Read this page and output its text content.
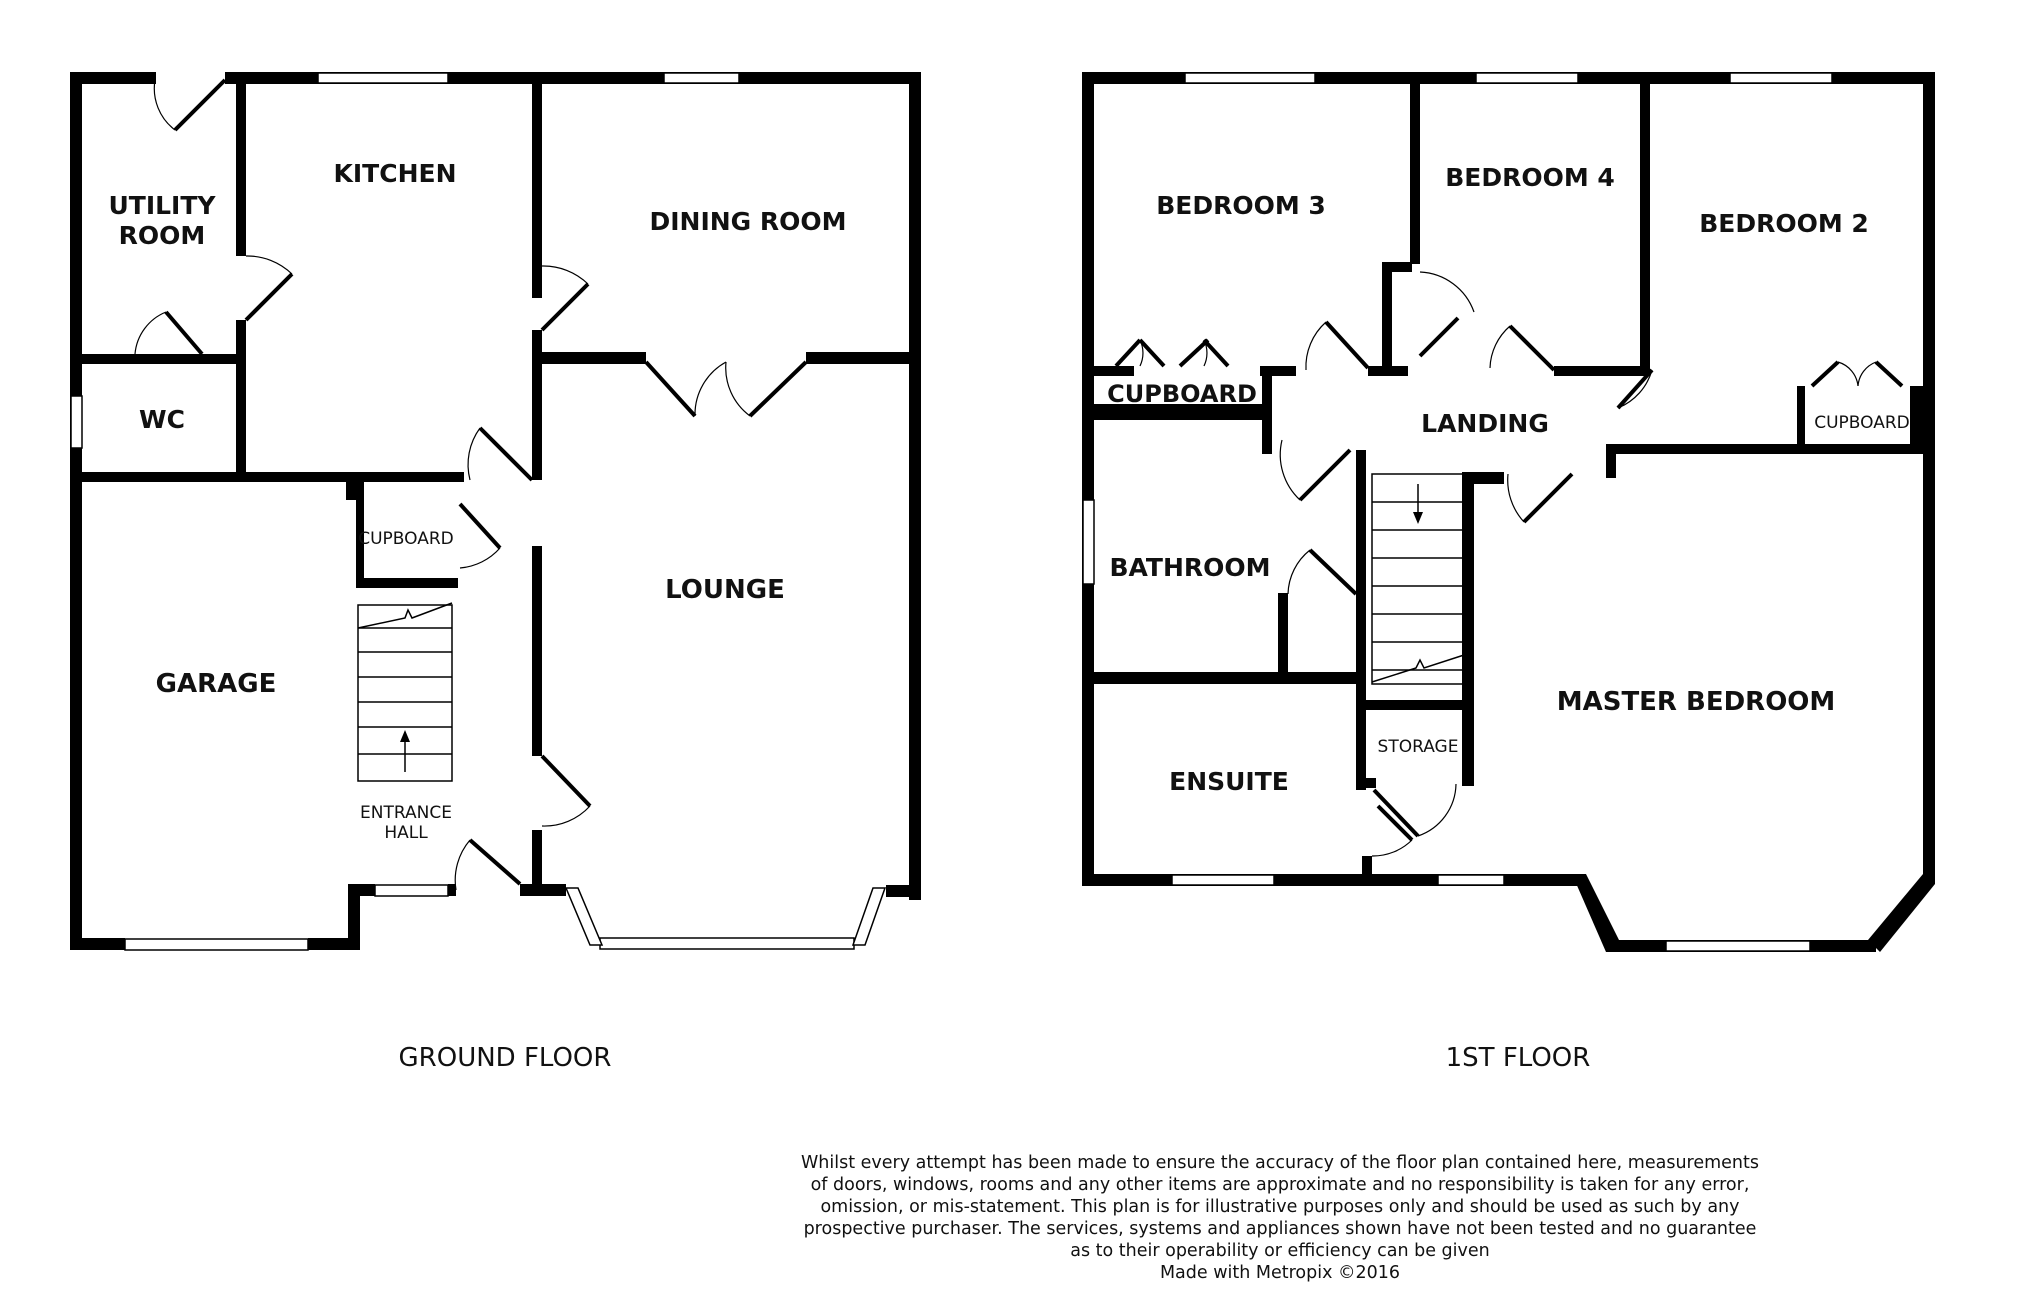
UTILITY
ROOM
KITCHEN
DINING ROOM
WC
CUPBOARD
LOUNGE
GARAGE
ENTRANCE
HALL
BEDROOM 3
BEDROOM 4
BEDROOM 2
CUPBOARD
LANDING	CUPBOARD
BATHROOM
MASTER BEDROOM
STORAGE
ENSUITE
GROUND FLOOR	1ST FLOOR
Whilst every attempt has been made to ensure the accuracy of the floor plan contained here, measurements
of doors, windows, rooms and any other items are approximate and no responsibility is taken for any error,
omission, or mis-statement. This plan is for illustrative purposes only and should be used as such by any
prospective purchaser. The services, systems and appliances shown have not been tested and no guarantee
as to their operability or efficiency can be given
Made with Metropix ©2016
